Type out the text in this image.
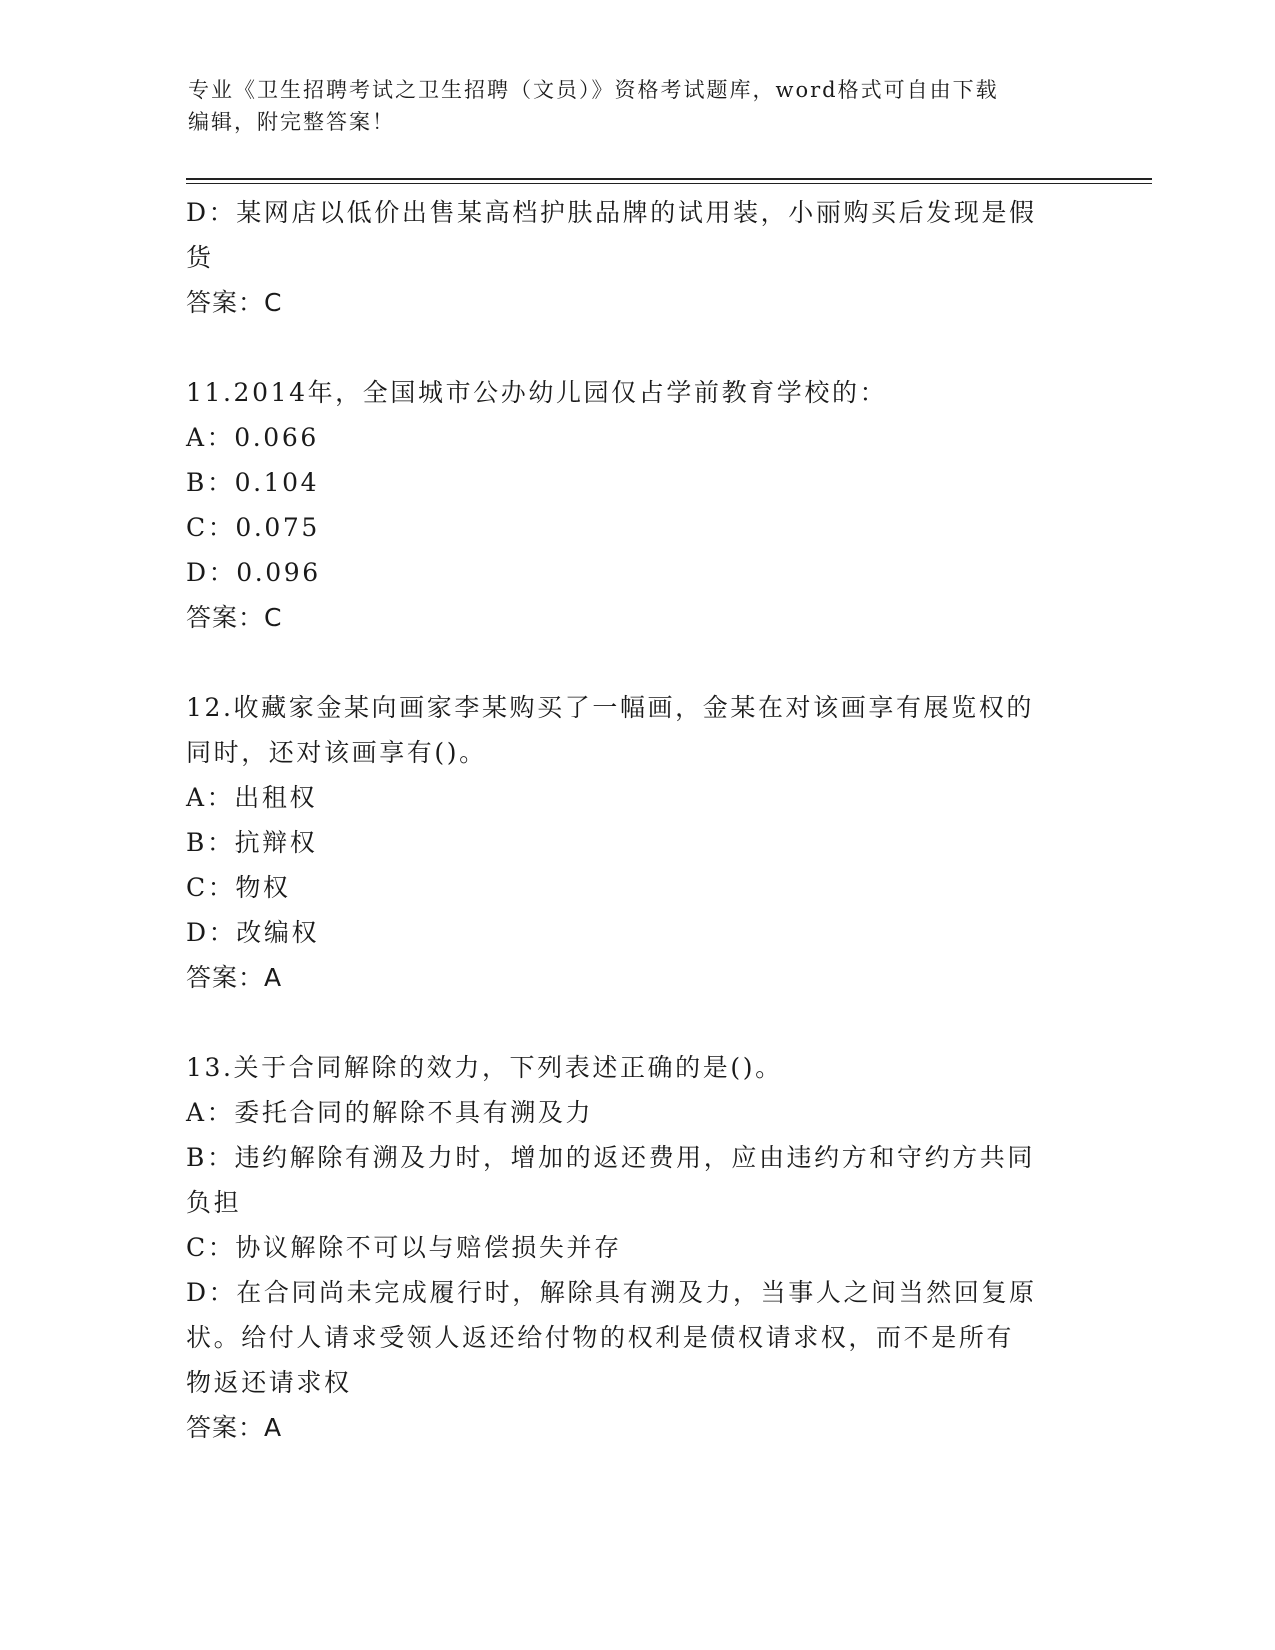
专业《卫生招聘考试之卫生招聘（文员）》资格考试题库，word格式可自由下载
编辑，附完整答案！
D：某网店以低价出售某高档护肤品牌的试用装，小丽购买后发现是假
货
答案：C
11.2014年，全国城市公办幼儿园仅占学前教育学校的：
A：0.066
B：0.104
C：0.075
D：0.096
答案：C
12.收藏家金某向画家李某购买了一幅画，金某在对该画享有展览权的
同时，还对该画享有()。
A：出租权
B：抗辩权
C：物权
D：改编权
答案：A
13.关于合同解除的效力，下列表述正确的是()。
A：委托合同的解除不具有溯及力
B：违约解除有溯及力时，增加的返还费用，应由违约方和守约方共同
负担
C：协议解除不可以与赔偿损失并存
D：在合同尚未完成履行时，解除具有溯及力，当事人之间当然回复原
状。给付人请求受领人返还给付物的权利是债权请求权，而不是所有
物返还请求权
答案：A
